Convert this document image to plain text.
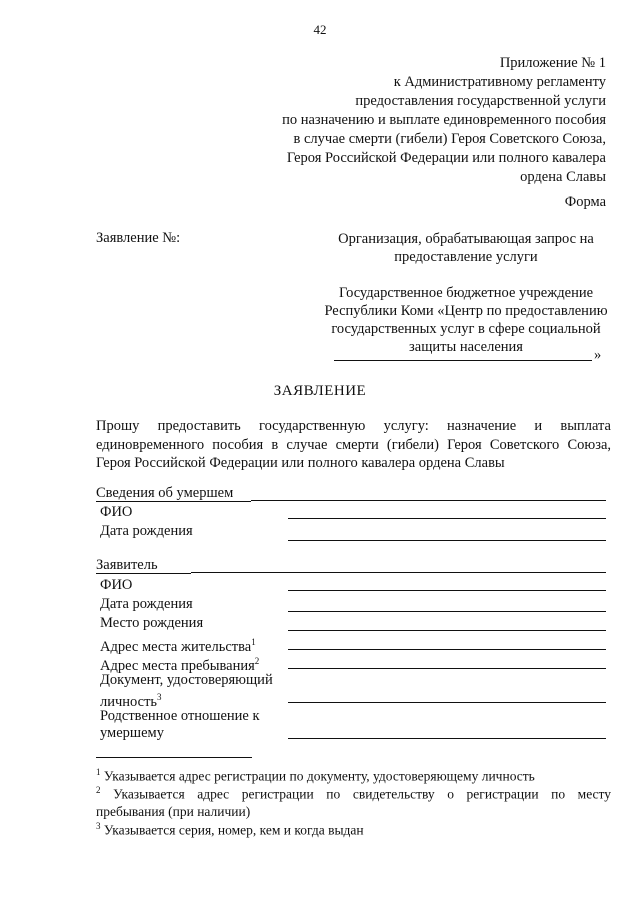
42
Приложение № 1
к Административному регламенту
предоставления государственной услуги
по назначению и выплате единовременного пособия
в случае смерти (гибели) Героя Советского Союза,
Героя Российской Федерации или полного кавалера
ордена Славы
Форма
Заявление №:	Организация, обрабатывающая запрос на
предоставление услуги
Государственное бюджетное учреждение
Республики Коми «Центр по предоставлению
государственных услуг в сфере социальной
защиты населения	»
ЗАЯВЛЕНИЕ
Прошу предоставить государственную услугу: назначение и выплата единовременного пособия в случае смерти (гибели) Героя Советского Союза, Героя Российской Федерации или полного кавалера ордена Славы
Сведения об умершем
ФИО
Дата рождения
Заявитель
ФИО
Дата рождения
Место рождения
Адрес места жительства$^1$
Адрес места пребывания$^2$
Документ, удостоверяющий
личность$^3$
Родственное отношение к
умершему
$^1$ Указывается адрес регистрации по документу, удостоверяющему личность
$^2$ Указывается адрес регистрации по свидетельству о регистрации по месту
пребывания (при наличии)
$^3$ Указывается серия, номер, кем и когда выдан
